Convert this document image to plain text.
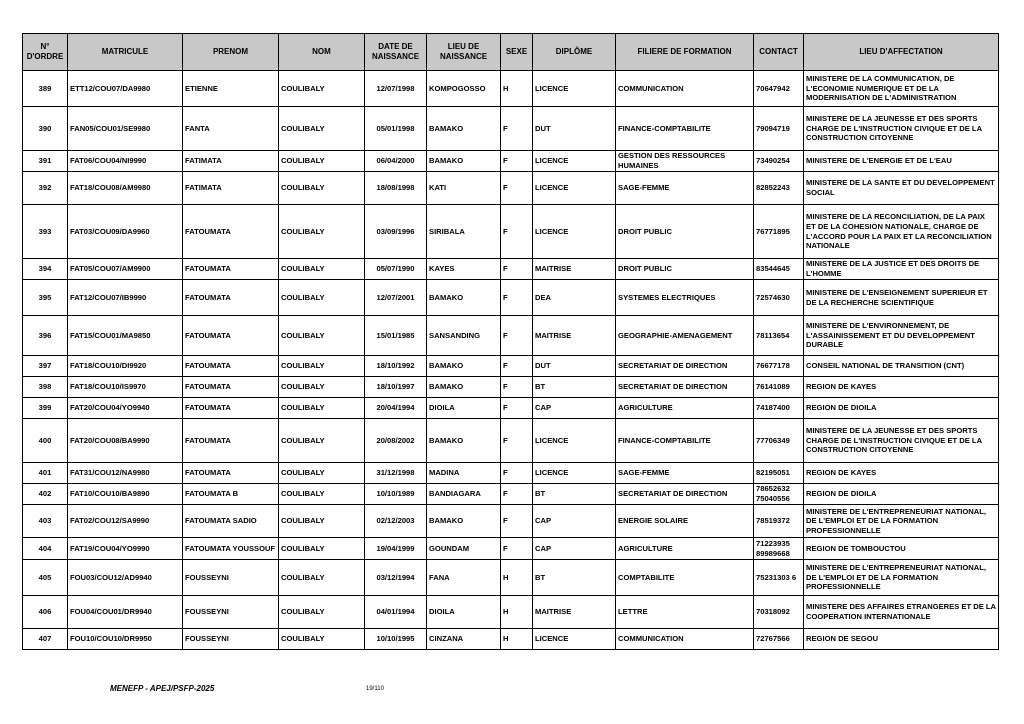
N° D'ORDRE	MATRICULE	PRENOM	NOM	DATE DE NAISSANCE	LIEU DE NAISSANCE	SEXE	DIPLÔME	FILIERE DE FORMATION	CONTACT	LIEU D'AFFECTATION
389	ETT12/COU07/DA9980	ETIENNE	COULIBALY	12/07/1998	KOMPOGOSSO	H	LICENCE	COMMUNICATION	70647942	MINISTERE DE LA COMMUNICATION, DE L'ECONOMIE NUMERIQUE ET DE LA MODERNISATION DE L'ADMINISTRATION
390	FAN05/COU01/SE9980	FANTA	COULIBALY	05/01/1998	BAMAKO	F	DUT	FINANCE-COMPTABILITE	79094719	MINISTERE DE LA JEUNESSE ET DES SPORTS CHARGE DE L'INSTRUCTION CIVIQUE ET DE LA CONSTRUCTION CITOYENNE
391	FAT06/COU04/NI9990	FATIMATA	COULIBALY	06/04/2000	BAMAKO	F	LICENCE	GESTION DES RESSOURCES HUMAINES	73490254	MINISTERE DE L'ENERGIE ET DE L'EAU
392	FAT18/COU08/AM9980	FATIMATA	COULIBALY	18/08/1998	KATI	F	LICENCE	SAGE-FEMME	82852243	MINISTERE DE LA SANTE ET DU DEVELOPPEMENT SOCIAL
393	FAT03/COU09/DA9960	FATOUMATA	COULIBALY	03/09/1996	SIRIBALA	F	LICENCE	DROIT PUBLIC	76771895	MINISTERE DE LA RECONCILIATION, DE LA PAIX ET DE LA COHESION NATIONALE, CHARGE DE L'ACCORD POUR LA PAIX ET LA RECONCILIATION NATIONALE
394	FAT05/COU07/AM9900	FATOUMATA	COULIBALY	05/07/1990	KAYES	F	MAITRISE	DROIT PUBLIC	83544645	MINISTERE DE LA JUSTICE ET DES DROITS DE L'HOMME
395	FAT12/COU07/IB9990	FATOUMATA	COULIBALY	12/07/2001	BAMAKO	F	DEA	SYSTEMES ELECTRIQUES	72574630	MINISTERE DE L'ENSEIGNEMENT SUPERIEUR ET DE LA RECHERCHE SCIENTIFIQUE
396	FAT15/COU01/MA9850	FATOUMATA	COULIBALY	15/01/1985	SANSANDING	F	MAITRISE	GEOGRAPHIE-AMENAGEMENT	78113654	MINISTERE DE L'ENVIRONNEMENT, DE L'ASSAINISSEMENT ET DU DEVELOPPEMENT DURABLE
397	FAT18/COU10/DI9920	FATOUMATA	COULIBALY	18/10/1992	BAMAKO	F	DUT	SECRETARIAT DE DIRECTION	76677178	CONSEIL NATIONAL DE TRANSITION (CNT)
398	FAT18/COU10/IS9970	FATOUMATA	COULIBALY	18/10/1997	BAMAKO	F	BT	SECRETARIAT DE DIRECTION	76141089	REGION DE KAYES
399	FAT20/COU04/YO9940	FATOUMATA	COULIBALY	20/04/1994	DIOILA	F	CAP	AGRICULTURE	74187400	REGION DE DIOILA
400	FAT20/COU08/BA9990	FATOUMATA	COULIBALY	20/08/2002	BAMAKO	F	LICENCE	FINANCE-COMPTABILITE	77706349	MINISTERE DE LA JEUNESSE ET DES SPORTS CHARGE DE L'INSTRUCTION CIVIQUE ET DE LA CONSTRUCTION CITOYENNE
401	FAT31/COU12/NA9980	FATOUMATA	COULIBALY	31/12/1998	MADINA	F	LICENCE	SAGE-FEMME	82195051	REGION DE KAYES
402	FAT10/COU10/BA9890	FATOUMATA B	COULIBALY	10/10/1989	BANDIAGARA	F	BT	SECRETARIAT DE DIRECTION	78652632 75040556	REGION DE DIOILA
403	FAT02/COU12/SA9990	FATOUMATA SADIO	COULIBALY	02/12/2003	BAMAKO	F	CAP	ENERGIE SOLAIRE	78519372	MINISTERE DE L'ENTREPRENEURIAT NATIONAL, DE L'EMPLOI ET DE LA FORMATION PROFESSIONNELLE
404	FAT19/COU04/YO9990	FATOUMATA YOUSSOUF	COULIBALY	19/04/1999	GOUNDAM	F	CAP	AGRICULTURE	71223935 89989668	REGION DE TOMBOUCTOU
405	FOU03/COU12/AD9940	FOUSSEYNI	COULIBALY	03/12/1994	FANA	H	BT	COMPTABILITE	75231303 6	MINISTERE DE L'ENTREPRENEURIAT NATIONAL, DE L'EMPLOI ET DE LA FORMATION PROFESSIONNELLE
406	FOU04/COU01/DR9940	FOUSSEYNI	COULIBALY	04/01/1994	DIOILA	H	MAITRISE	LETTRE	70318092	MINISTERE DES AFFAIRES ETRANGERES ET DE LA COOPERATION INTERNATIONALE
407	FOU10/COU10/DR9950	FOUSSEYNI	COULIBALY	10/10/1995	CINZANA	H	LICENCE	COMMUNICATION	72767566	REGION DE SEGOU
MENEFP - APEJ/PSFP-2025	19/110
